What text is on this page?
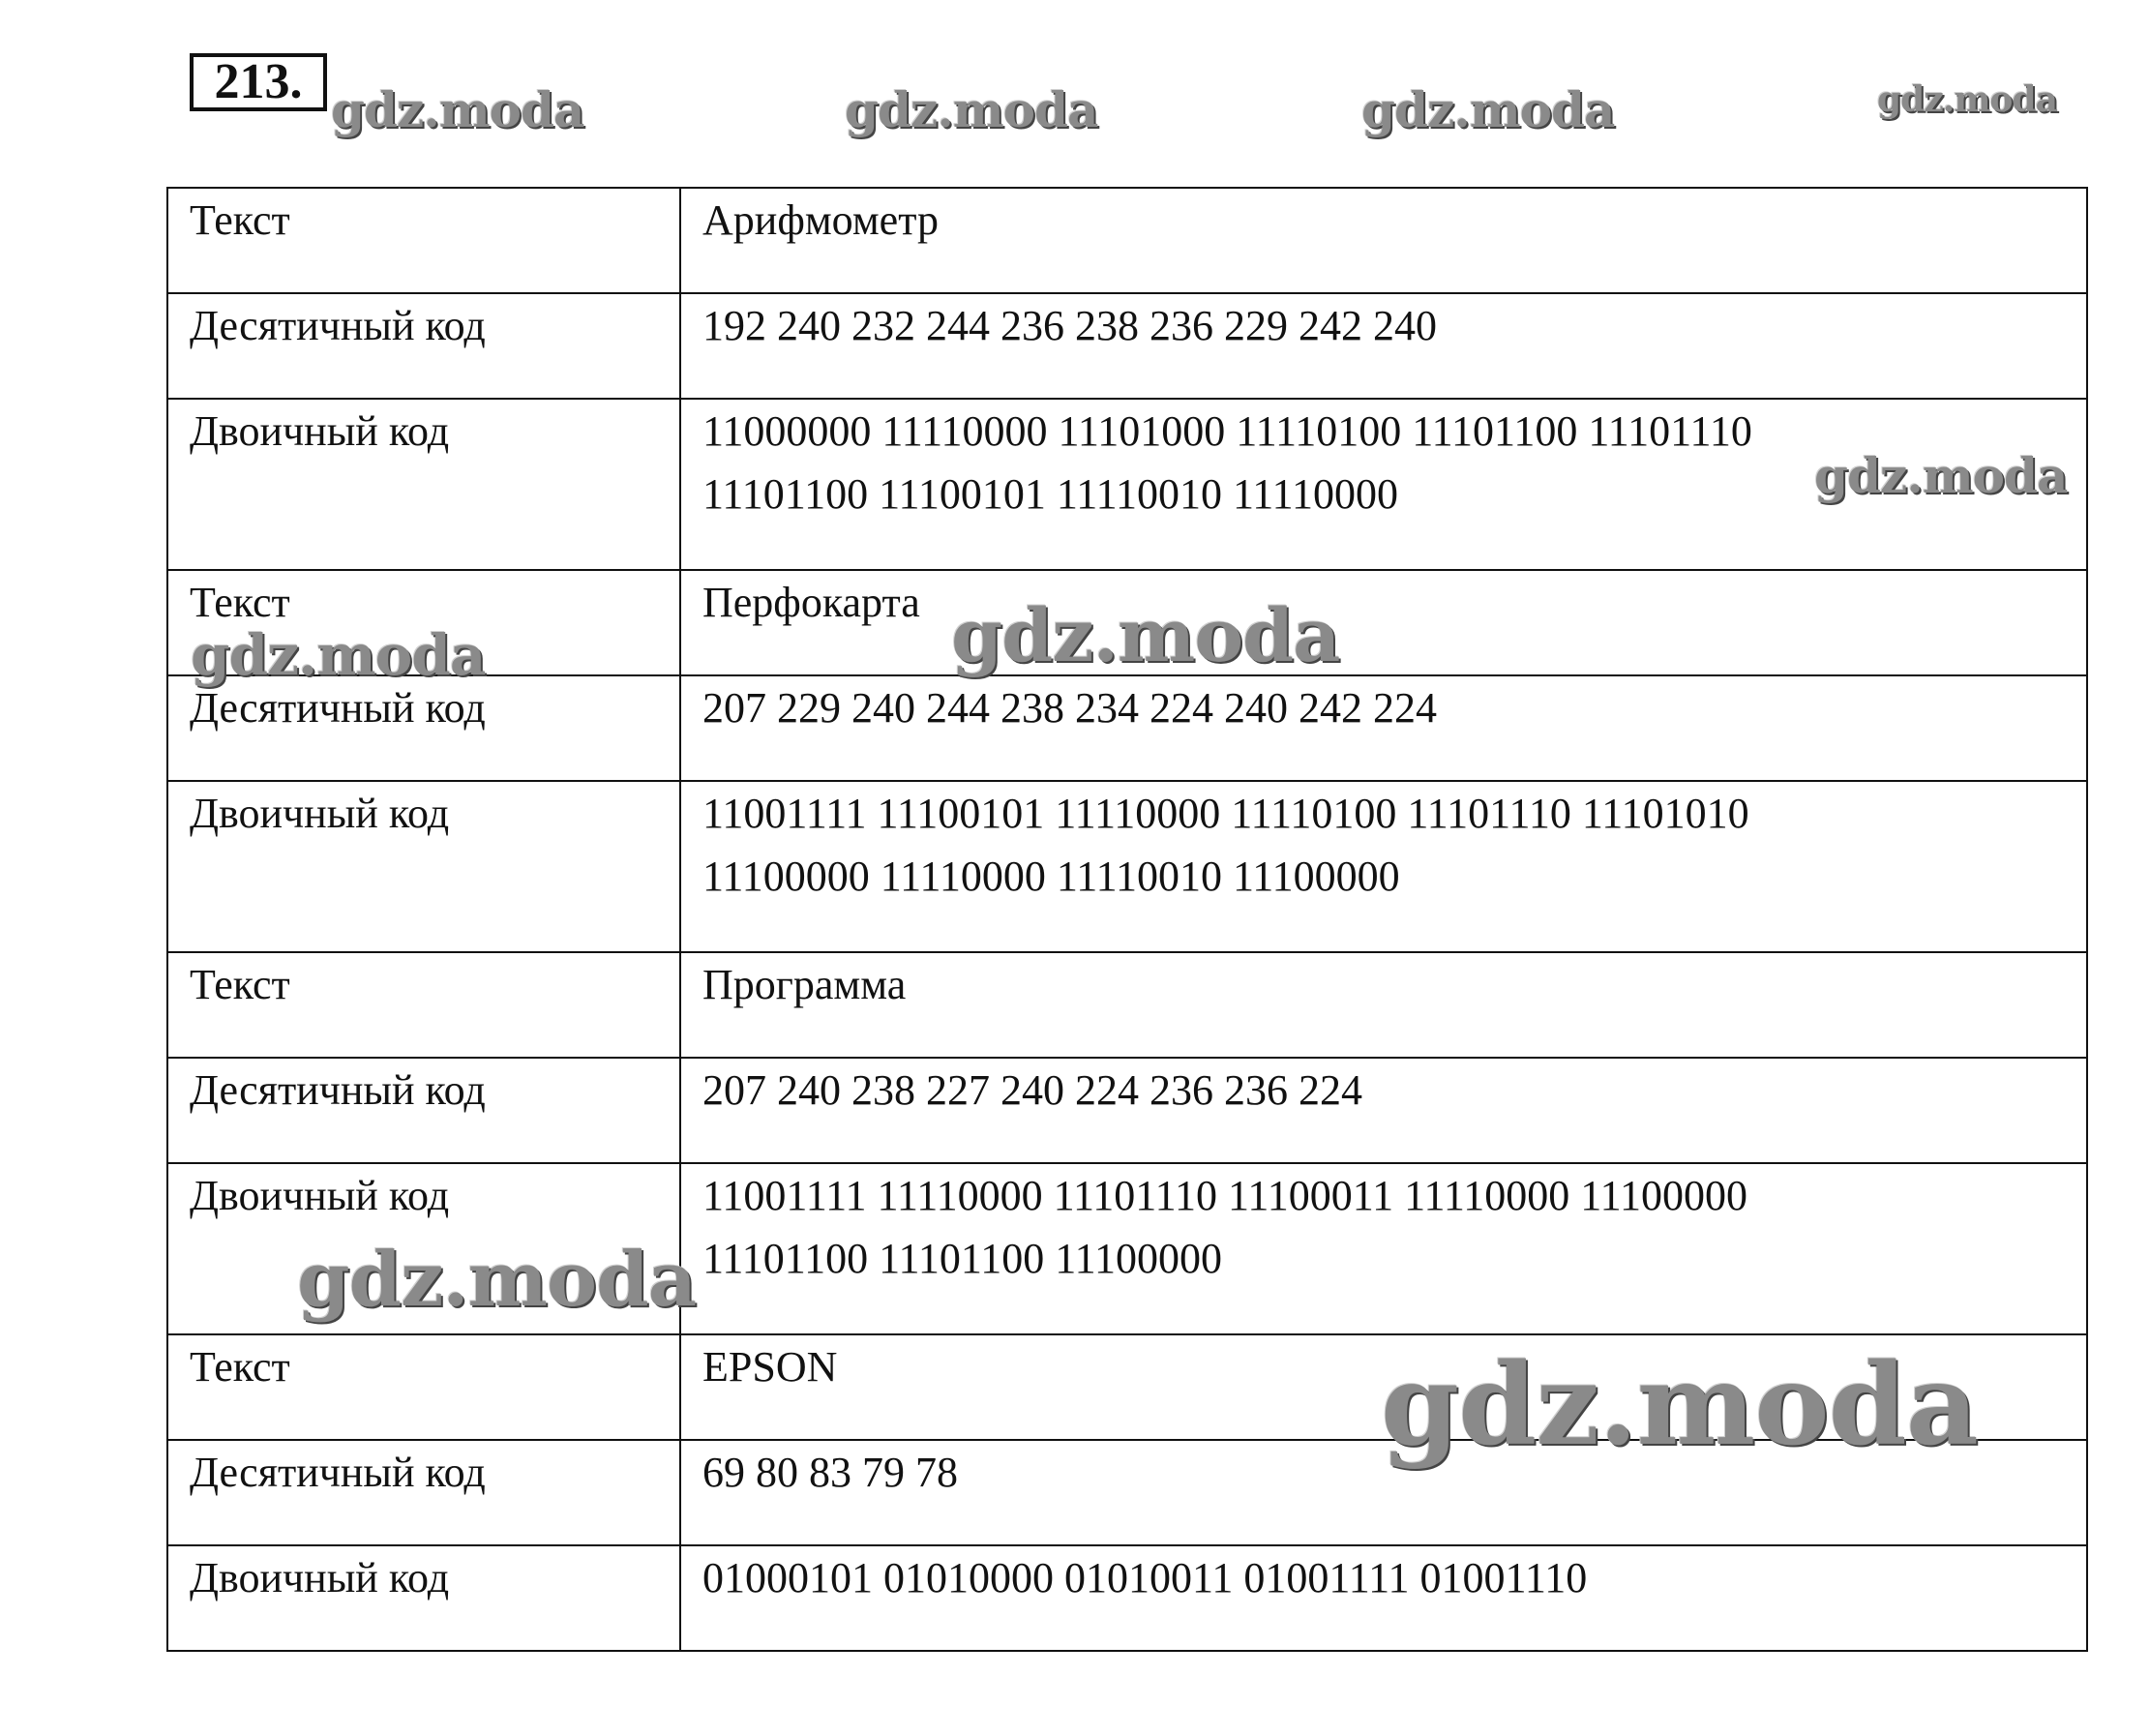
213.
Текст	Арифмометр
Десятичный код	192 240 232 244 236 238 236 229 242 240
Двоичный код	11000000 11110000 11101000 11110100 11101100 11101110
11101100 11100101 11110010 11110000

Текст	Перфокарта
Десятичный код	207 229 240 244 238 234 224 240 242 224
Двоичный код	11001111 11100101 11110000 11110100 11101110 11101010
11100000 11110000 11110010 11100000

Текст	Программа
Десятичный код	207 240 238 227 240 224 236 236 224
Двоичный код	11001111 11110000 11101110 11100011 11110000 11100000
11101100 11101100 11100000

Текст	EPSON
Десятичный код	69 80 83 79 78
Двоичный код	01000101 01010000 01010011 01001111 01001110
gdz.moda	gdz.moda	gdz.moda	gdz.moda
gdz.moda
gdz.moda	gdz.moda
gdz.moda
gdz.moda
